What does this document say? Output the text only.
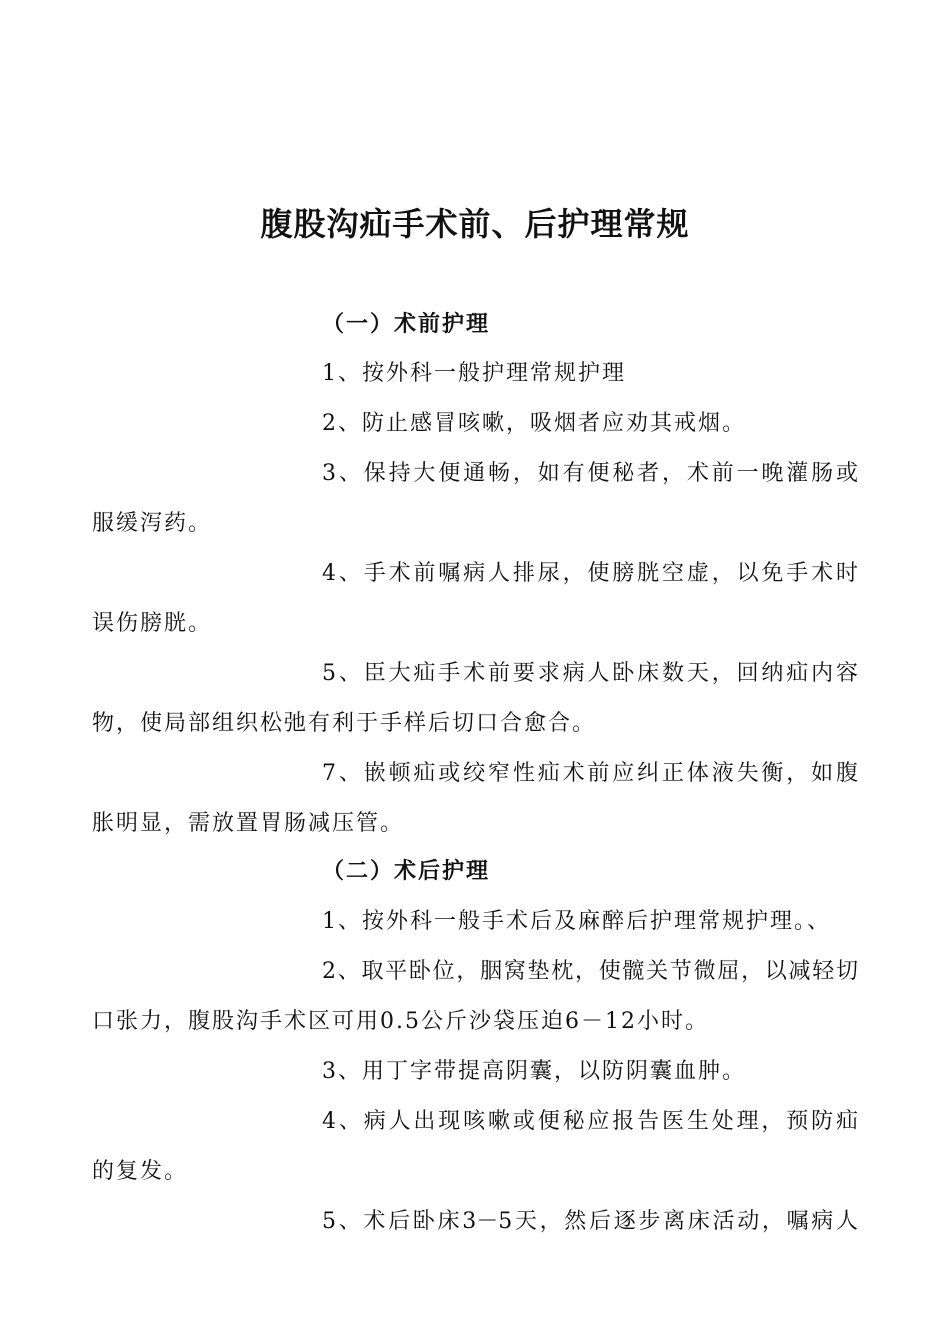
腹股沟疝手术前、后护理常规
（一）术前护理
1、按外科一般护理常规护理
2、防止感冒咳嗽，吸烟者应劝其戒烟。
3、保持大便通畅，如有便秘者，术前一晚灌肠或
服缓泻药。
4、手术前嘱病人排尿，使膀胱空虚，以免手术时
误伤膀胱。
5、臣大疝手术前要求病人卧床数天，回纳疝内容
物，使局部组织松弛有利于手样后切口合愈合。
7、嵌顿疝或绞窄性疝术前应纠正体液失衡，如腹
胀明显，需放置胃肠减压管。
（二）术后护理
1、按外科一般手术后及麻醉后护理常规护理。、
2、取平卧位，胭窝垫枕，使髋关节微屈，以减轻切
口张力，腹股沟手术区可用0.5公斤沙袋压迫6－12小时。
3、用丁字带提高阴囊，以防阴囊血肿。
4、病人出现咳嗽或便秘应报告医生处理，预防疝
的复发。
5、术后卧床3－5天，然后逐步离床活动，嘱病人
